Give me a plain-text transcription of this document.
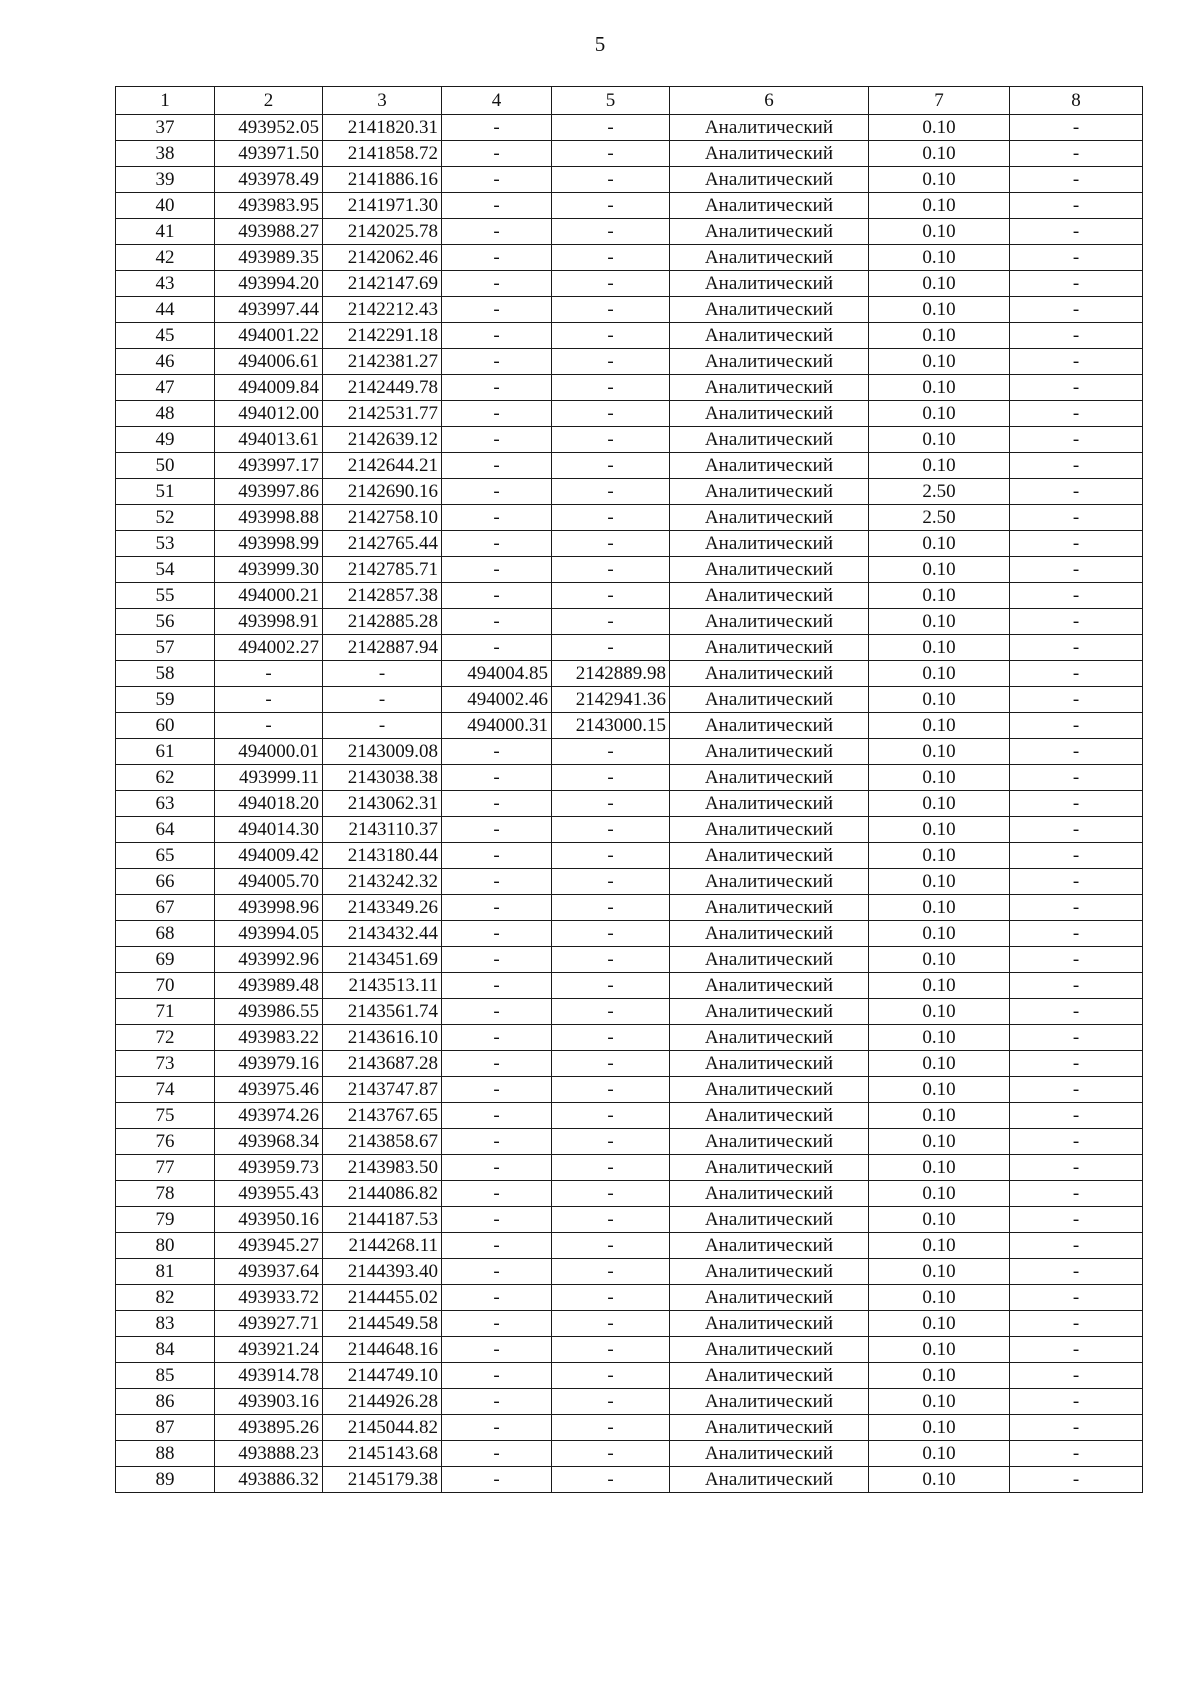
5
1	2	3	4	5	6	7	8
37	493952.05	2141820.31	-	-	Аналитический	0.10	-
38	493971.50	2141858.72	-	-	Аналитический	0.10	-
39	493978.49	2141886.16	-	-	Аналитический	0.10	-
40	493983.95	2141971.30	-	-	Аналитический	0.10	-
41	493988.27	2142025.78	-	-	Аналитический	0.10	-
42	493989.35	2142062.46	-	-	Аналитический	0.10	-
43	493994.20	2142147.69	-	-	Аналитический	0.10	-
44	493997.44	2142212.43	-	-	Аналитический	0.10	-
45	494001.22	2142291.18	-	-	Аналитический	0.10	-
46	494006.61	2142381.27	-	-	Аналитический	0.10	-
47	494009.84	2142449.78	-	-	Аналитический	0.10	-
48	494012.00	2142531.77	-	-	Аналитический	0.10	-
49	494013.61	2142639.12	-	-	Аналитический	0.10	-
50	493997.17	2142644.21	-	-	Аналитический	0.10	-
51	493997.86	2142690.16	-	-	Аналитический	2.50	-
52	493998.88	2142758.10	-	-	Аналитический	2.50	-
53	493998.99	2142765.44	-	-	Аналитический	0.10	-
54	493999.30	2142785.71	-	-	Аналитический	0.10	-
55	494000.21	2142857.38	-	-	Аналитический	0.10	-
56	493998.91	2142885.28	-	-	Аналитический	0.10	-
57	494002.27	2142887.94	-	-	Аналитический	0.10	-
58	-	-	494004.85	2142889.98	Аналитический	0.10	-
59	-	-	494002.46	2142941.36	Аналитический	0.10	-
60	-	-	494000.31	2143000.15	Аналитический	0.10	-
61	494000.01	2143009.08	-	-	Аналитический	0.10	-
62	493999.11	2143038.38	-	-	Аналитический	0.10	-
63	494018.20	2143062.31	-	-	Аналитический	0.10	-
64	494014.30	2143110.37	-	-	Аналитический	0.10	-
65	494009.42	2143180.44	-	-	Аналитический	0.10	-
66	494005.70	2143242.32	-	-	Аналитический	0.10	-
67	493998.96	2143349.26	-	-	Аналитический	0.10	-
68	493994.05	2143432.44	-	-	Аналитический	0.10	-
69	493992.96	2143451.69	-	-	Аналитический	0.10	-
70	493989.48	2143513.11	-	-	Аналитический	0.10	-
71	493986.55	2143561.74	-	-	Аналитический	0.10	-
72	493983.22	2143616.10	-	-	Аналитический	0.10	-
73	493979.16	2143687.28	-	-	Аналитический	0.10	-
74	493975.46	2143747.87	-	-	Аналитический	0.10	-
75	493974.26	2143767.65	-	-	Аналитический	0.10	-
76	493968.34	2143858.67	-	-	Аналитический	0.10	-
77	493959.73	2143983.50	-	-	Аналитический	0.10	-
78	493955.43	2144086.82	-	-	Аналитический	0.10	-
79	493950.16	2144187.53	-	-	Аналитический	0.10	-
80	493945.27	2144268.11	-	-	Аналитический	0.10	-
81	493937.64	2144393.40	-	-	Аналитический	0.10	-
82	493933.72	2144455.02	-	-	Аналитический	0.10	-
83	493927.71	2144549.58	-	-	Аналитический	0.10	-
84	493921.24	2144648.16	-	-	Аналитический	0.10	-
85	493914.78	2144749.10	-	-	Аналитический	0.10	-
86	493903.16	2144926.28	-	-	Аналитический	0.10	-
87	493895.26	2145044.82	-	-	Аналитический	0.10	-
88	493888.23	2145143.68	-	-	Аналитический	0.10	-
89	493886.32	2145179.38	-	-	Аналитический	0.10	-
